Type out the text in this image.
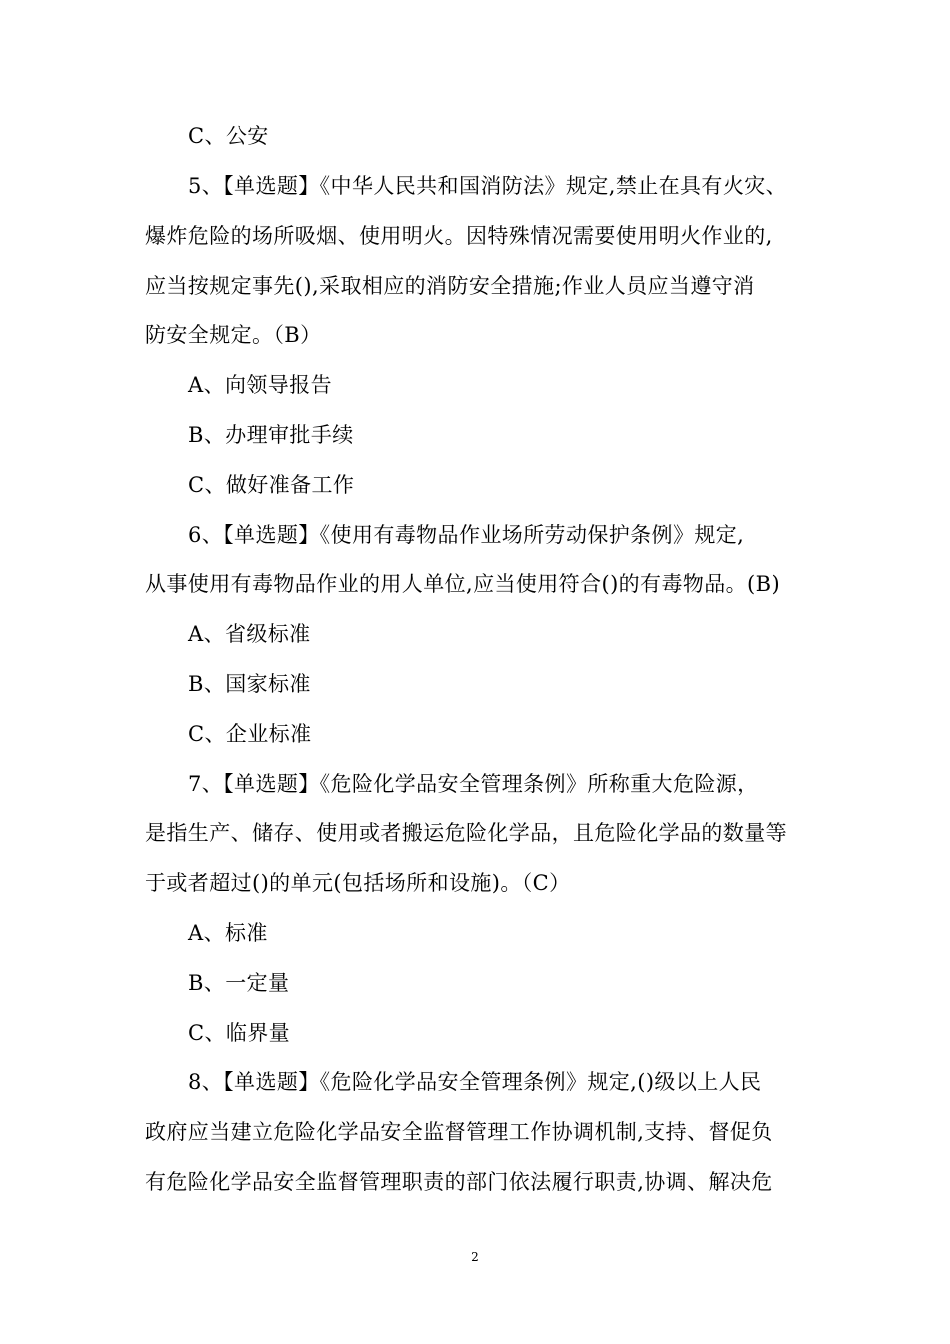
C、公安
5、【单选题】《中华人民共和国消防法》规定,禁止在具有火灾、
爆炸危险的场所吸烟、使用明火。因特殊情况需要使用明火作业的,
应当按规定事先(),采取相应的消防安全措施;作业人员应当遵守消
防安全规定。（B）
A、向领导报告
B、办理审批手续
C、做好准备工作
6、【单选题】《使用有毒物品作业场所劳动保护条例》规定,
从事使用有毒物品作业的用人单位,应当使用符合()的有毒物品。(B)
A、省级标准
B、国家标准
C、企业标准
7、【单选题】《危险化学品安全管理条例》所称重大危险源，
是指生产、储存、使用或者搬运危险化学品，且危险化学品的数量等
于或者超过()的单元(包括场所和设施)。（C）
A、标准
B、一定量
C、临界量
8、【单选题】《危险化学品安全管理条例》规定,()级以上人民
政府应当建立危险化学品安全监督管理工作协调机制,支持、督促负
有危险化学品安全监督管理职责的部门依法履行职责,协调、解决危
2
